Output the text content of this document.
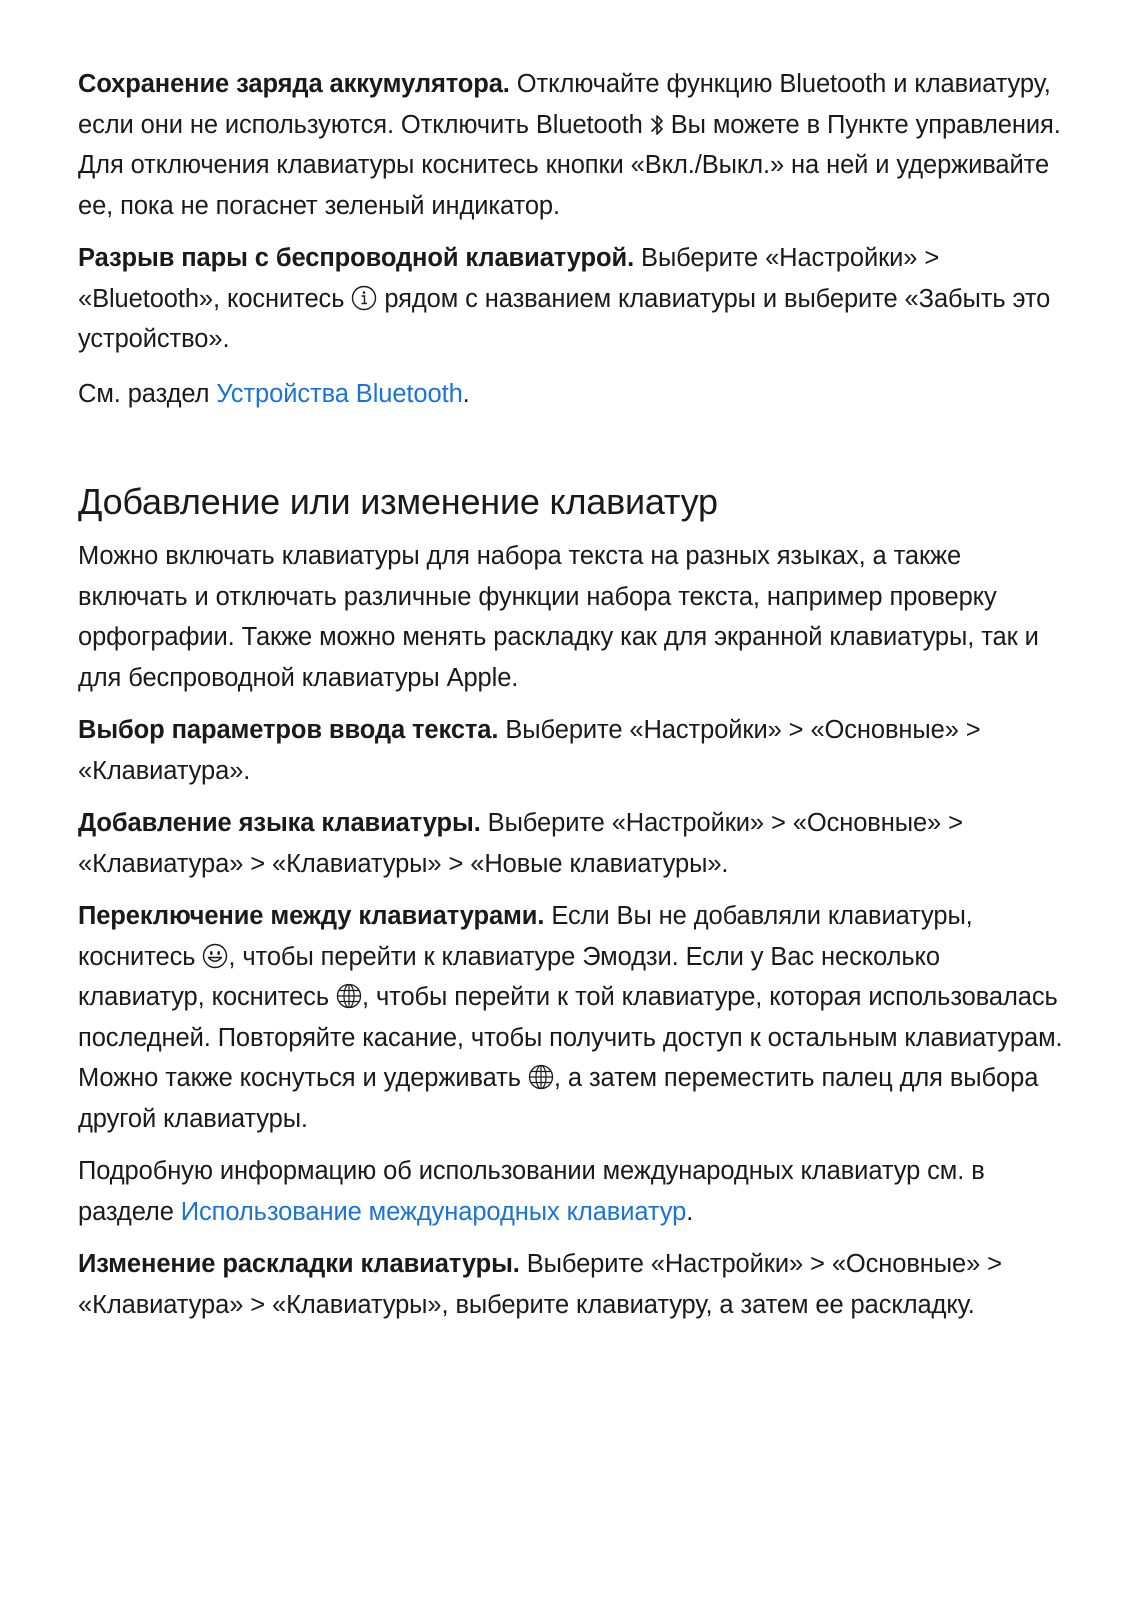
Сохранение заряда аккумулятора. Отключайте функцию Bluetooth и клавиатуру, если они не используются. Отключить Bluetooth
Вы можете в Пункте управления. Для отключения клавиатуры коснитесь кнопки «Вкл./Выкл.» на ней и удерживайте ее, пока не погаснет зеленый индикатор.

Разрыв пары с беспроводной клавиатурой. Выберите «Настройки» > «Bluetooth», коснитесь
рядом с названием клавиатуры и выберите «Забыть это устройство».

См. раздел Устройства Bluetooth.

Добавление или изменение клавиатур

Можно включать клавиатуры для набора текста на разных языках, а также включать и отключать различные функции набора текста, например проверку орфографии. Также можно менять раскладку как для экранной клавиатуры, так и для беспроводной клавиатуры Apple.

Выбор параметров ввода текста. Выберите «Настройки» > «Основные» > «Клавиатура».

Добавление языка клавиатуры. Выберите «Настройки» > «Основные» > «Клавиатура» > «Клавиатуры» > «Новые клавиатуры».

Переключение между клавиатурами. Если Вы не добавляли клавиатуры, коснитесь
, чтобы перейти к клавиатуре Эмодзи. Если у Вас несколько клавиатур, коснитесь
, чтобы перейти к той клавиатуре, которая использовалась последней. Повторяйте касание, чтобы получить доступ к остальным клавиатурам. Можно также коснуться и удерживать
, а затем переместить палец для выбора другой клавиатуры.

Подробную информацию об использовании международных клавиатур см. в разделе Использование международных клавиатур.

Изменение раскладки клавиатуры. Выберите «Настройки» > «Основные» > «Клавиатура» > «Клавиатуры», выберите клавиатуру, а затем ее раскладку.
